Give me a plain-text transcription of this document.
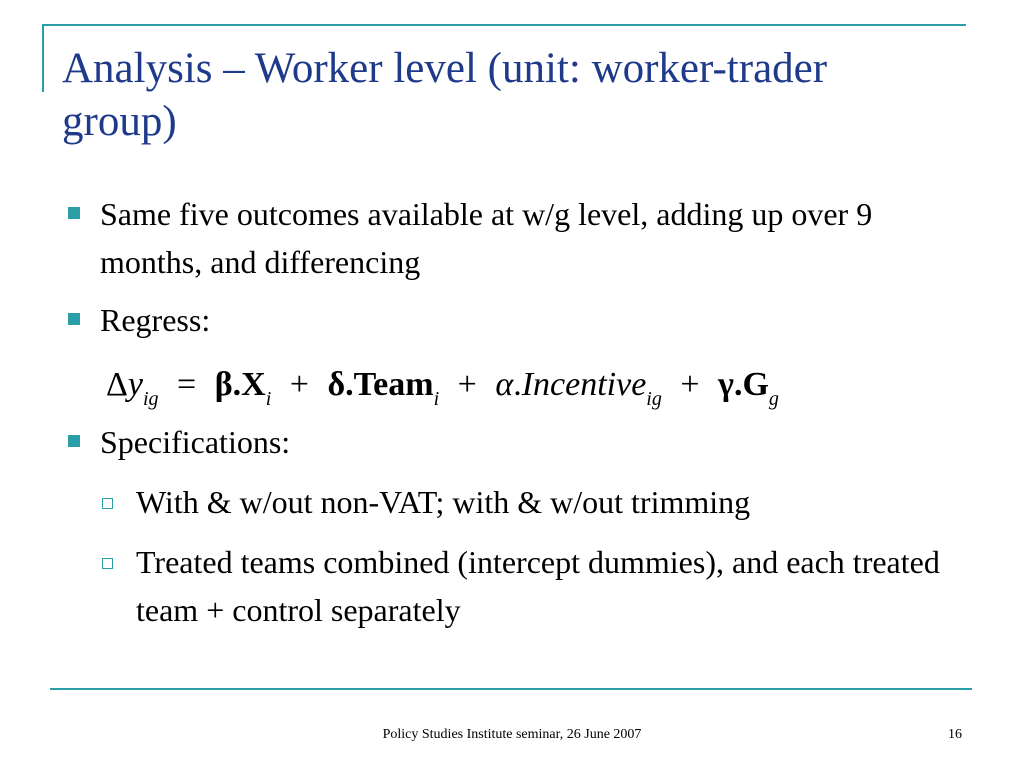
Analysis – Worker level (unit: worker-trader group)
Same five outcomes available at w/g level, adding up over 9 months, and differencing
Regress:
$\Delta y_{ig} = \beta.X_i$ + δ.Team$_i$ + α.Incentive$_{ig}$ + $\gamma.G_g$
Specifications:
With & w/out non-VAT; with & w/out trimming
Treated teams combined (intercept dummies), and each treated team + control separately
Policy Studies Institute seminar, 26 June 2007	16
